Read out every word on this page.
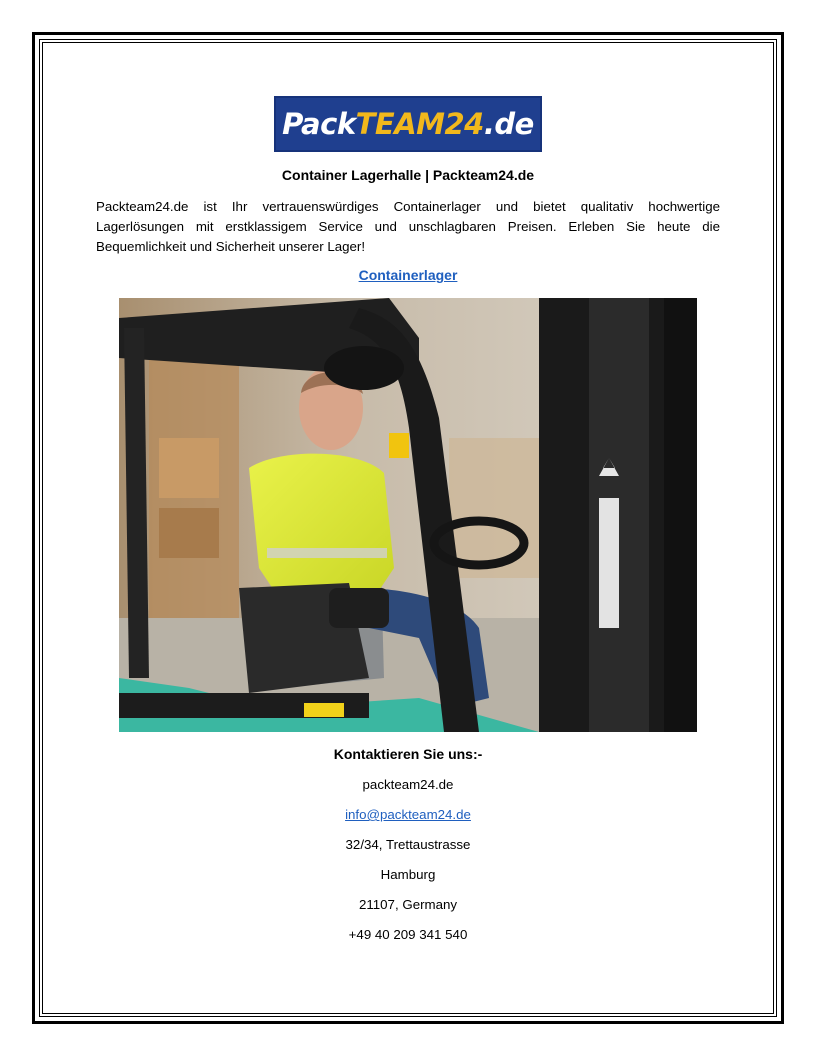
PackTEAM24.de
Container Lagerhalle | Packteam24.de

Packteam24.de ist Ihr vertrauenswürdiges Containerlager und bietet qualitativ hochwertige Lagerlösungen mit erstklassigem Service und unschlagbaren Preisen. Erleben Sie heute die Bequemlichkeit und Sicherheit unserer Lager!

Containerlager
Kontaktieren Sie uns:-
packteam24.de
info@packteam24.de
32/34, Trettaustrasse
Hamburg
21107, Germany
+49 40 209 341 540
